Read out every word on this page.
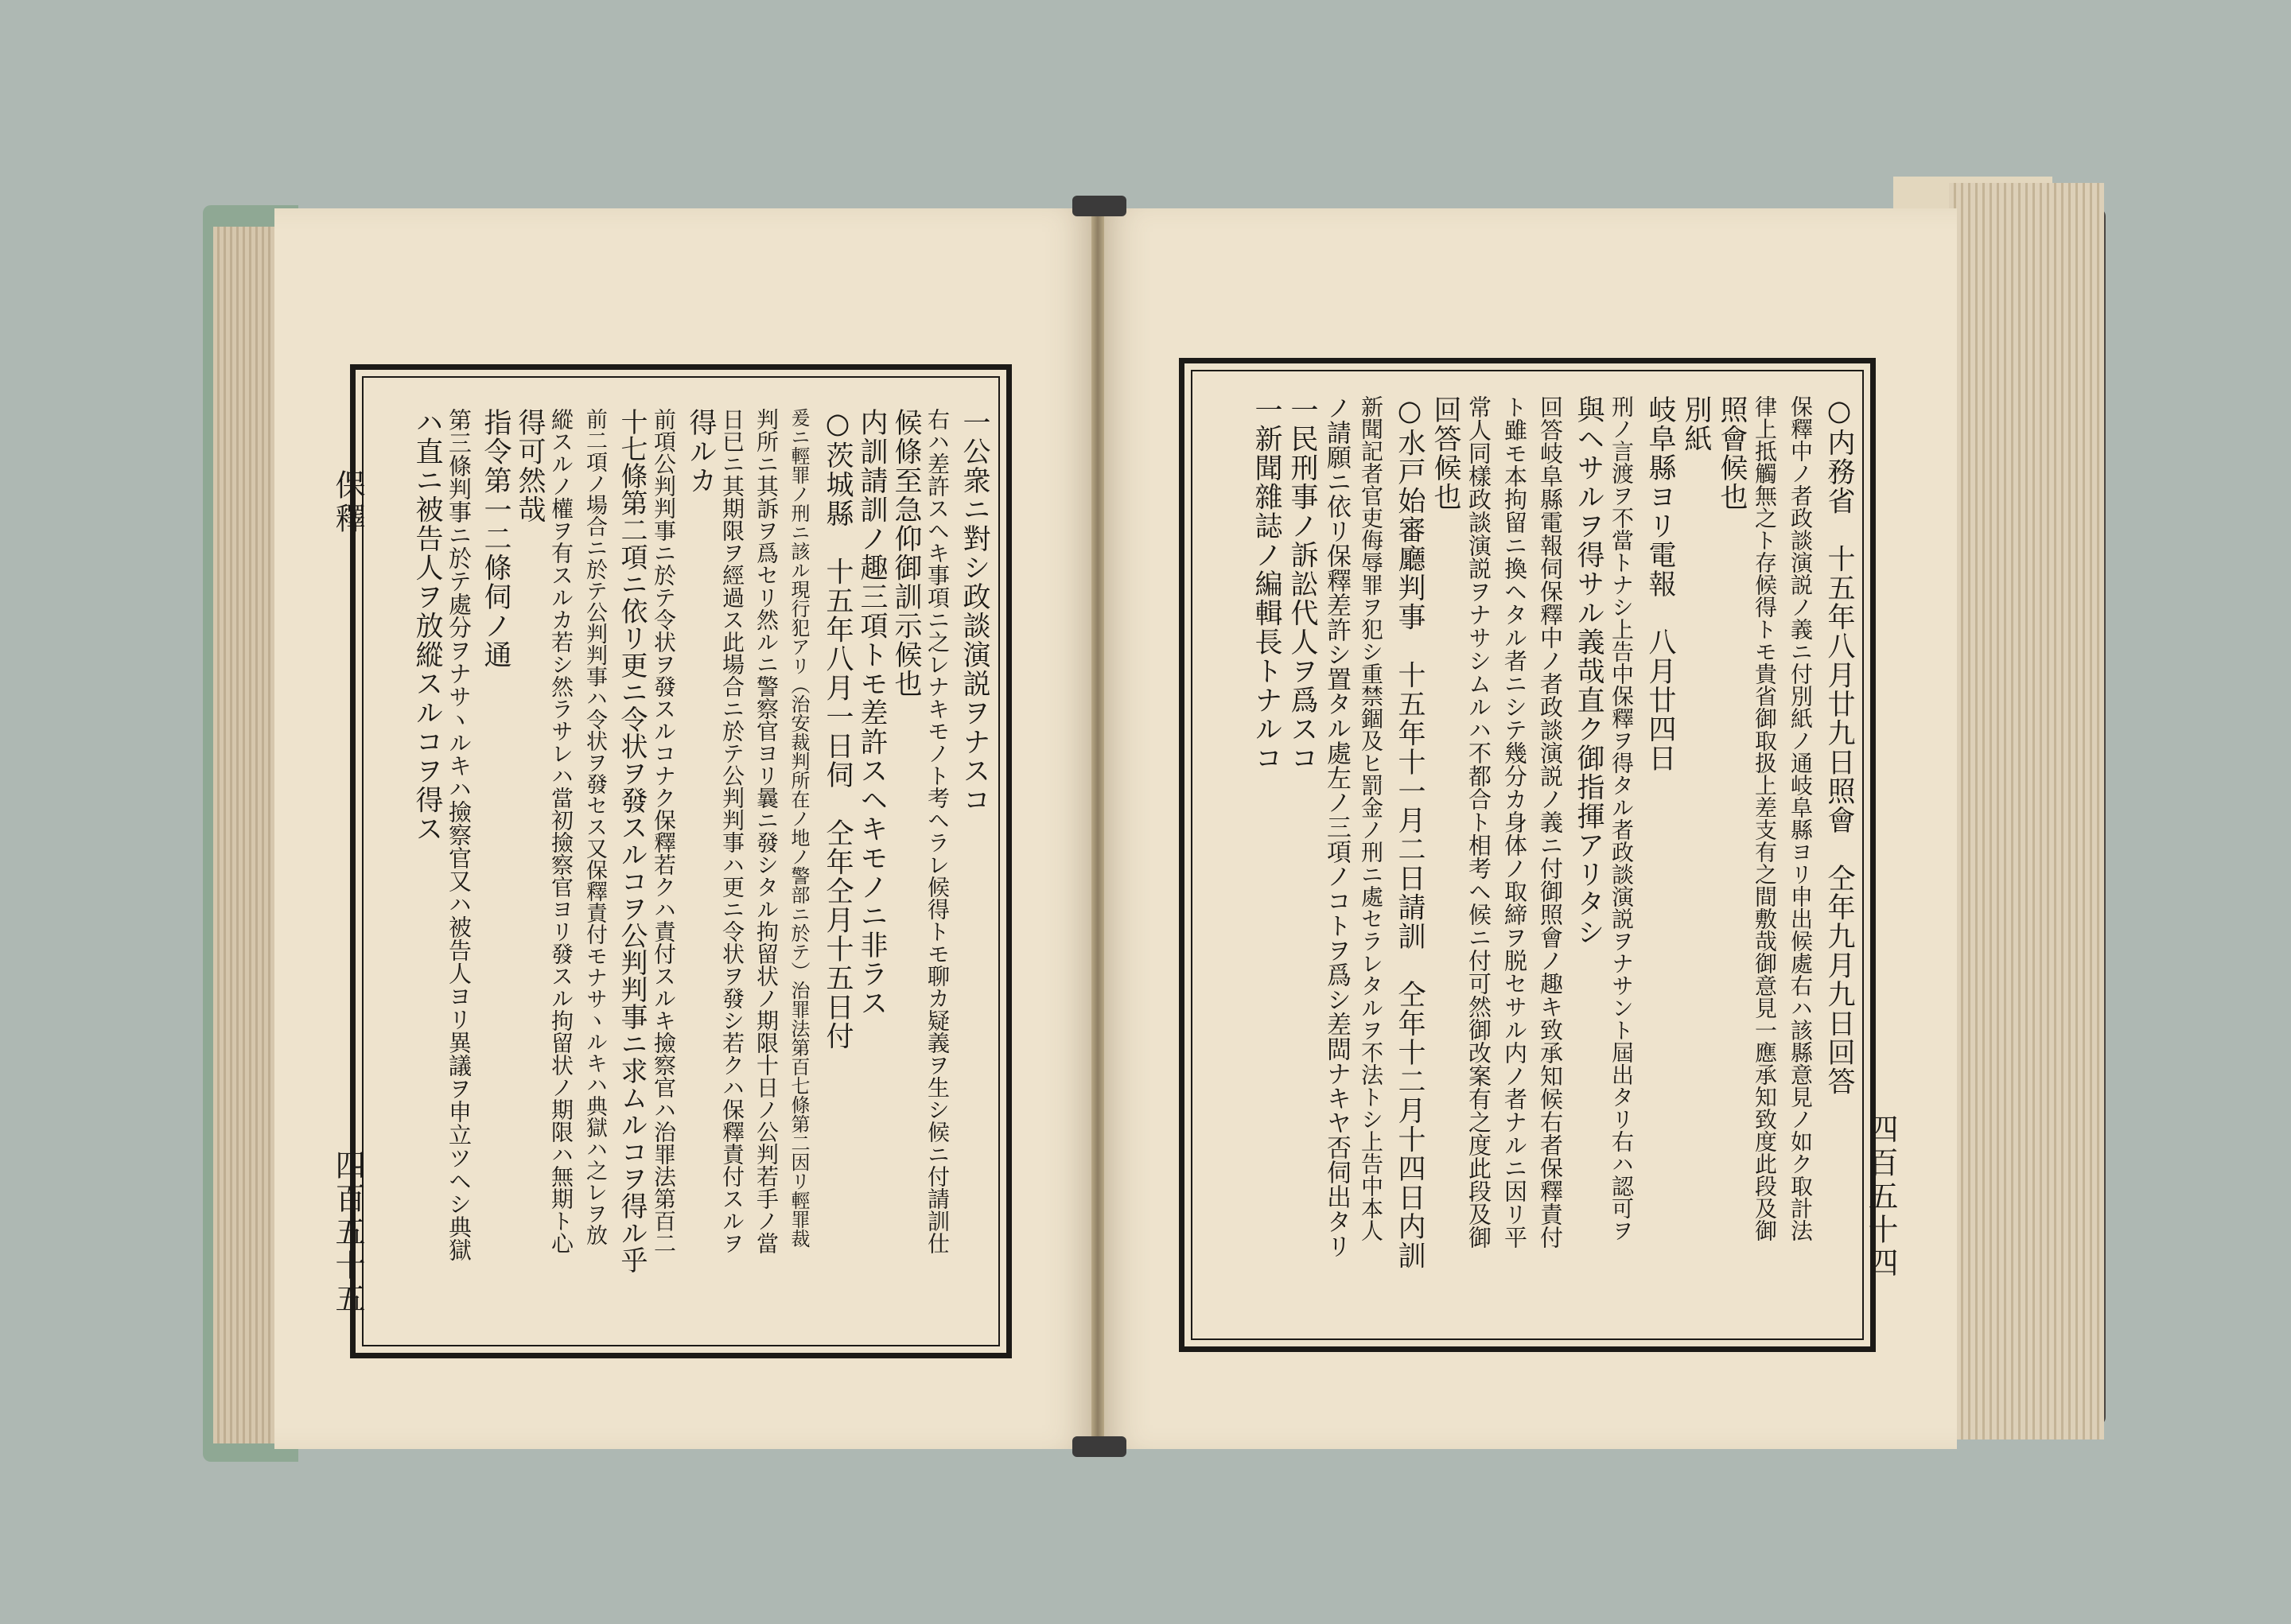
保釋
四百五十五	四百五十四
一公衆ニ對シ政談演説ヲナスコ
右ハ差許スヘキ事項ニ之レナキモノト考ヘラレ候得トモ聊カ疑義ヲ生シ候ニ付請訓仕
候條至急仰御訓示候也
内訓請訓ノ趣三項トモ差許スヘキモノニ非ラス
○茨城縣　十五年八月一日伺　仝年仝月十五日付
爰ニ輕罪ノ刑ニ該ル現行犯アリ（治安裁判所在ノ地ノ警部ニ於テ）治罪法第百七條第二因リ輕罪裁
判所ニ其訴ヲ爲セリ然ルニ警察官ヨリ曩ニ發シタル拘留状ノ期限十日ノ公判若手ノ當
日已ニ其期限ヲ經過ス此場合ニ於テ公判判事ハ更ニ令状ヲ發シ若クハ保釋責付スルヲ
得ルカ
前項公判判事ニ於テ令状ヲ發スルコナク保釋若クハ責付スルキ撿察官ハ治罪法第百二
十七條第二項ニ依リ更ニ令状ヲ發スルコヲ公判判事ニ求ムルコヲ得ル乎
前二項ノ場合ニ於テ公判判事ハ令状ヲ發セス又保釋責付モナサヽルキハ典獄ハ之レヲ放
縱スルノ權ヲ有スルカ若シ然ラサレハ當初撿察官ヨリ發スル拘留状ノ期限ハ無期ト心
得可然哉
指令第一二條伺ノ通
第三條判事ニ於テ處分ヲナサヽルキハ撿察官又ハ被告人ヨリ異議ヲ申立ツヘシ典獄
ハ直ニ被告人ヲ放縱スルコヲ得ス	○内務省　十五年八月廿九日照會　仝年九月九日回答
保釋中ノ者政談演説ノ義ニ付別紙ノ通岐阜縣ヨリ申出候處右ハ該縣意見ノ如ク取計法
律上抵觸無之ト存候得トモ貴省御取扱上差支有之間敷哉御意見一應承知致度此段及御
照會候也
別紙
岐阜縣ヨリ電報　八月廿四日
刑ノ言渡ヲ不當トナシ上告中保釋ヲ得タル者政談演説ヲナサント屆出タリ右ハ認可ヲ
與ヘサルヲ得サル義哉直ク御指揮アリタシ
回答岐阜縣電報伺保釋中ノ者政談演説ノ義ニ付御照會ノ趣キ致承知候右者保釋責付
ト雖モ本拘留ニ換ヘタル者ニシテ幾分カ身体ノ取締ヲ脱セサル内ノ者ナルニ因リ平
常人同樣政談演説ヲナサシムルハ不都合ト相考ヘ候ニ付可然御改案有之度此段及御
回答候也
○水戸始審廳判事　十五年十一月二日請訓　仝年十二月十四日内訓
新聞記者官吏侮辱罪ヲ犯シ重禁錮及ヒ罰金ノ刑ニ處セラレタルヲ不法トシ上告中本人
ノ請願ニ依リ保釋差許シ置タル處左ノ三項ノコトヲ爲シ差閊ナキヤ否伺出タリ
一民刑事ノ訴訟代人ヲ爲スコ
一新聞雜誌ノ編輯長トナルコ
